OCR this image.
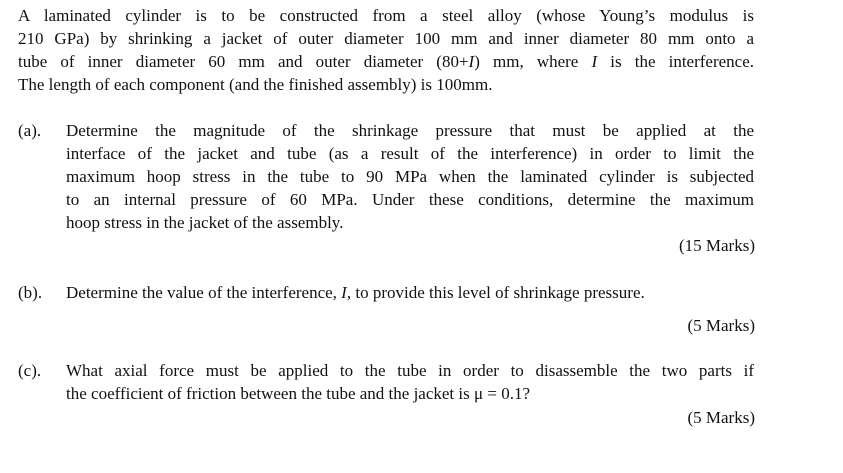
A laminated cylinder is to be constructed from a steel alloy (whose Young’s modulus is
210 GPa) by shrinking a jacket of outer diameter 100 mm and inner diameter 80 mm onto a
tube of inner diameter 60 mm and outer diameter (80+I) mm, where I is the interference.
The length of each component (and the finished assembly) is 100mm.
(a). Determine the magnitude of the shrinkage pressure that must be applied at the
interface of the jacket and tube (as a result of the interference) in order to limit the
maximum hoop stress in the tube to 90 MPa when the laminated cylinder is subjected
to an internal pressure of 60 MPa. Under these conditions, determine the maximum
hoop stress in the jacket of the assembly.
(15 Marks)
(b). Determine the value of the interference, I, to provide this level of shrinkage pressure.
(5 Marks)
(c). What axial force must be applied to the tube in order to disassemble the two parts if
the coefficient of friction between the tube and the jacket is μ = 0.1?
(5 Marks)
